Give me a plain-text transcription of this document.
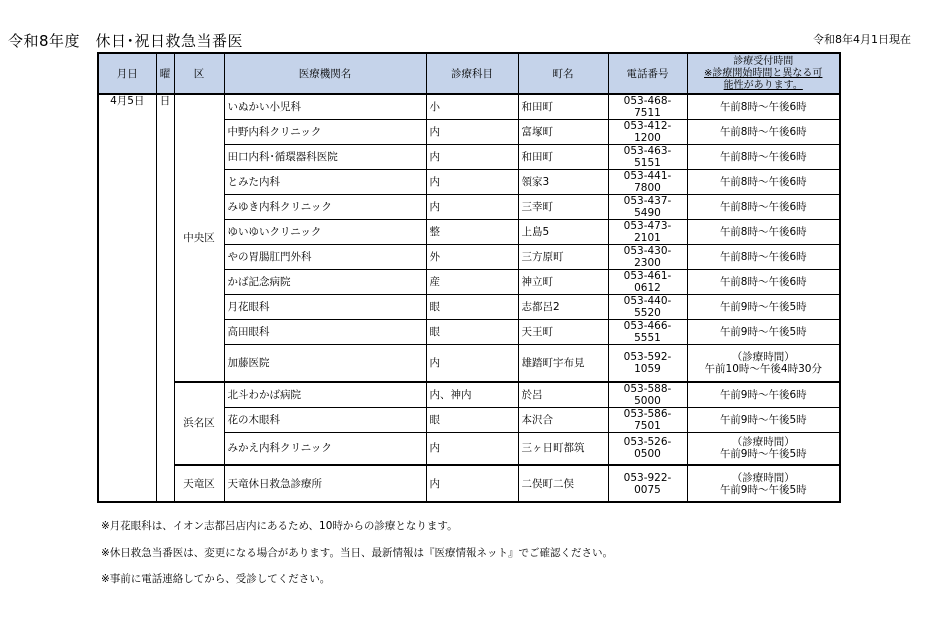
令和8年度　休日･祝日救急当番医	令和8年4月1日現在
月日	曜	区	医療機関名	診療科目	町名	電話番号	診療受付時間
※診療開始時間と異なる可
能性があります。

4月5日	日	中央区	いぬかい小児科	小	和田町	053-468-7511	午前8時～午後6時
			中野内科クリニック	内	富塚町	053-412-1200	午前8時～午後6時
			田口内科･循環器科医院	内	和田町	053-463-5151	午前8時～午後6時
			とみた内科	内	領家3	053-441-7800	午前8時～午後6時
			みゆき内科クリニック	内	三幸町	053-437-5490	午前8時～午後6時
			ゆいゆいクリニック	整	上島5	053-473-2101	午前8時～午後6時
			やの胃腸肛門外科	外	三方原町	053-430-2300	午前8時～午後6時
			かば記念病院	産	神立町	053-461-0612	午前8時～午後6時
			月花眼科	眼	志都呂2	053-440-5520	午前9時～午後5時
			高田眼科	眼	天王町	053-466-5551	午前9時～午後5時
			加藤医院	内	雄踏町宇布見	053-592-1059	（診療時間）
午前10時～午後4時30分

		浜名区	北斗わかば病院	内、神内	於呂	053-588-5000	午前9時～午後6時
			花の木眼科	眼	本沢合	053-586-7501	午前9時～午後5時
			みかえ内科クリニック	内	三ヶ日町都筑	053-526-0500	（診療時間）
午前9時～午後5時

		天竜区	天竜休日救急診療所	内	二俣町二俣	053-922-0075	（診療時間）
午前9時～午後5時
※月花眼科は、イオン志都呂店内にあるため、10時からの診療となります。
※休日救急当番医は、変更になる場合があります。当日、最新情報は『医療情報ネット』でご確認ください。
※事前に電話連絡してから、受診してください。
